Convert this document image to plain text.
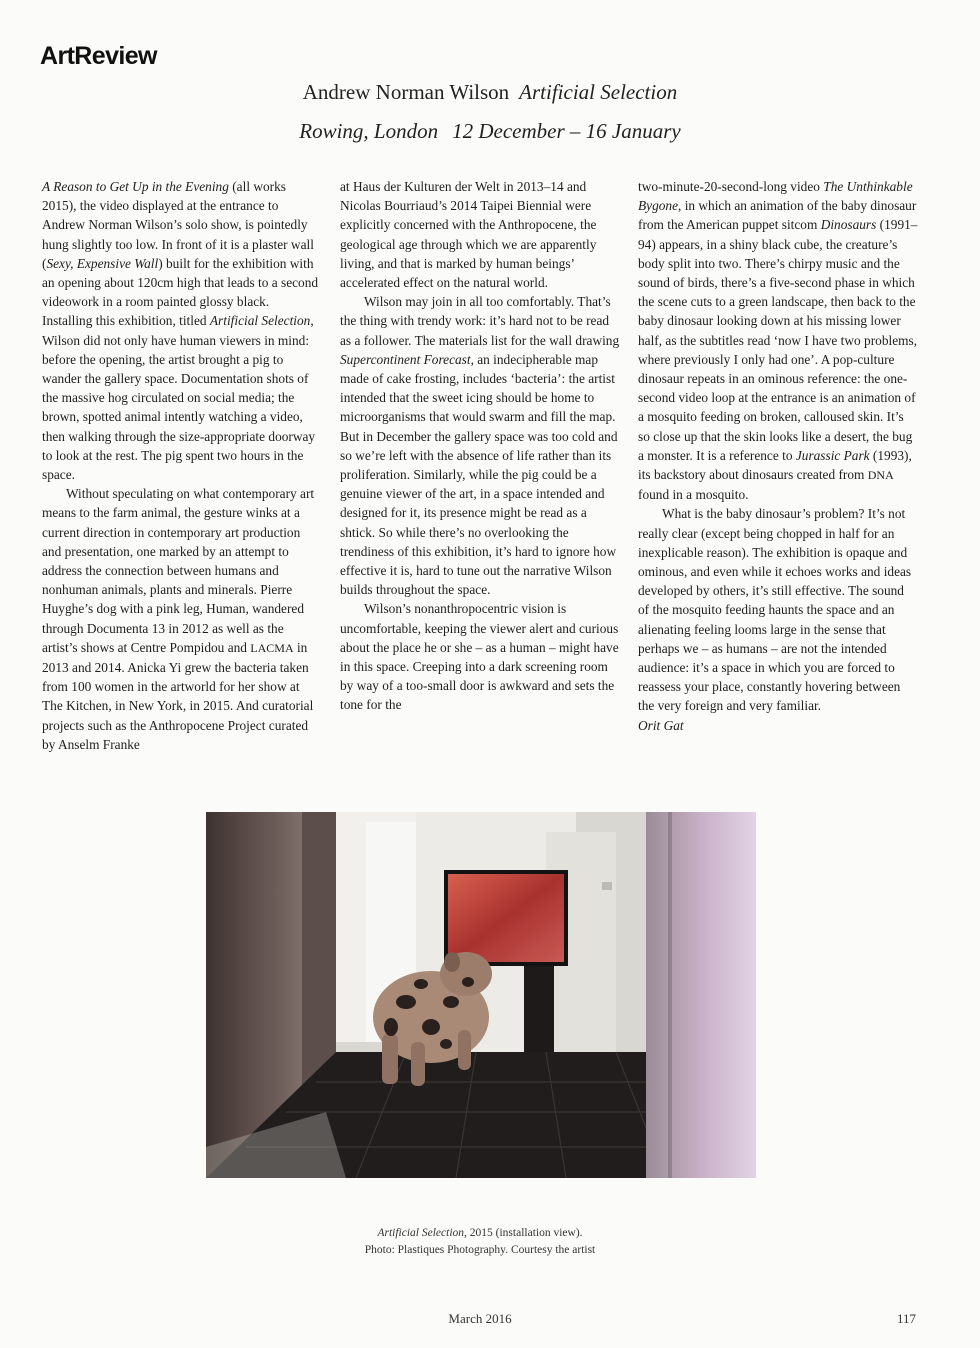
ArtReview
Andrew Norman Wilson Artificial Selection
Rowing, London 12 December – 16 January

A Reason to Get Up in the Evening (all works 2015), the video displayed at the entrance to Andrew Norman Wilson’s solo show, is pointedly hung slightly too low. In front of it is a plaster wall (Sexy, Expensive Wall) built for the exhibition with an opening about 120cm high that leads to a second videowork in a room painted glossy black. Installing this exhibition, titled Artificial Selection, Wilson did not only have human viewers in mind: before the opening, the artist brought a pig to wander the gallery space. Documentation shots of the massive hog circulated on social media; the brown, spotted animal intently watching a video, then walking through the size-appropriate doorway to look at the rest. The pig spent two hours in the space.

Without speculating on what contemporary art means to the farm animal, the gesture winks at a current direction in contemporary art production and presentation, one marked by an attempt to address the connection between humans and nonhuman animals, plants and minerals. Pierre Huyghe’s dog with a pink leg, Human, wandered through Documenta 13 in 2012 as well as the artist’s shows at Centre Pompidou and LACMA in 2013 and 2014. Anicka Yi grew the bacteria taken from 100 women in the artworld for her show at The Kitchen, in New York, in 2015. And curatorial projects such as the Anthropocene Project curated by Anselm Franke

at Haus der Kulturen der Welt in 2013–14 and Nicolas Bourriaud’s 2014 Taipei Biennial were explicitly concerned with the Anthropocene, the geological age through which we are apparently living, and that is marked by human beings’ accelerated effect on the natural world.

Wilson may join in all too comfortably. That’s the thing with trendy work: it’s hard not to be read as a follower. The materials list for the wall drawing Supercontinent Forecast, an indecipherable map made of cake frosting, includes ‘bacteria’: the artist intended that the sweet icing should be home to microorganisms that would swarm and fill the map. But in December the gallery space was too cold and so we’re left with the absence of life rather than its proliferation. Similarly, while the pig could be a genuine viewer of the art, in a space intended and designed for it, its presence might be read as a shtick. So while there’s no overlooking the trendiness of this exhibition, it’s hard to ignore how effective it is, hard to tune out the narrative Wilson builds throughout the space.

Wilson’s nonanthropocentric vision is uncomfortable, keeping the viewer alert and curious about the place he or she – as a human – might have in this space. Creeping into a dark screening room by way of a too-small door is awkward and sets the tone for the

two-minute-20-second-long video The Unthinkable Bygone, in which an animation of the baby dinosaur from the American puppet sitcom Dinosaurs (1991–94) appears, in a shiny black cube, the creature’s body split into two. There’s chirpy music and the sound of birds, there’s a five-second phase in which the scene cuts to a green landscape, then back to the baby dinosaur looking down at his missing lower half, as the subtitles read ‘now I have two problems, where previously I only had one’. A pop-culture dinosaur repeats in an ominous reference: the one-second video loop at the entrance is an animation of a mosquito feeding on broken, calloused skin. It’s so close up that the skin looks like a desert, the bug a monster. It is a reference to Jurassic Park (1993), its backstory about dinosaurs created from DNA found in a mosquito.

What is the baby dinosaur’s problem? It’s not really clear (except being chopped in half for an inexplicable reason). The exhibition is opaque and ominous, and even while it echoes works and ideas developed by others, it’s still effective. The sound of the mosquito feeding haunts the space and an alienating feeling looms large in the sense that perhaps we – as humans – are not the intended audience: it’s a space in which you are forced to reassess your place, constantly hovering between the very foreign and very familiar.

Orit Gat

Artificial Selection, 2015 (installation view).
Photo: Plastiques Photography. Courtesy the artist
March 2016	117
